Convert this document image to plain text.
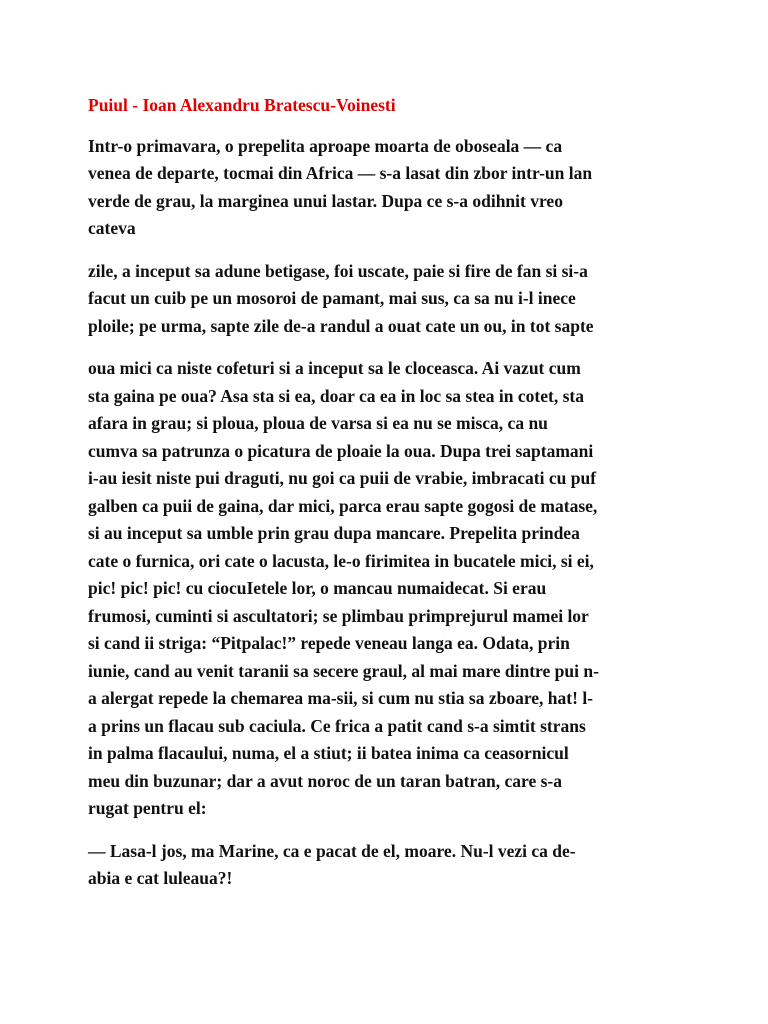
Puiul - Ioan Alexandru Bratescu-Voinesti
Intr-o primavara, o prepelita aproape moarta de oboseala — ca
venea de departe, tocmai din Africa — s-a lasat din zbor intr-un lan
verde de grau, la marginea unui lastar. Dupa ce s-a odihnit vreo
cateva
zile, a inceput sa adune betigase, foi uscate, paie si fire de fan si si-a
facut un cuib pe un mosoroi de pamant, mai sus, ca sa nu i-l inece
ploile; pe urma, sapte zile de-a randul a ouat cate un ou, in tot sapte
oua mici ca niste cofeturi si a inceput sa le cloceasca. Ai vazut cum
sta gaina pe oua? Asa sta si ea, doar ca ea in loc sa stea in cotet, sta
afara in grau; si ploua, ploua de varsa si ea nu se misca, ca nu
cumva sa patrunza o picatura de ploaie la oua. Dupa trei saptamani
i-au iesit niste pui draguti, nu goi ca puii de vrabie, imbracati cu puf
galben ca puii de gaina, dar mici, parca erau sapte gogosi de matase,
si au inceput sa umble prin grau dupa mancare. Prepelita prindea
cate o furnica, ori cate o lacusta, le-o firimitea in bucatele mici, si ei,
pic! pic! pic! cu ciocuIetele lor, o mancau numaidecat. Si erau
frumosi, cuminti si ascultatori; se plimbau primprejurul mamei lor
si cand ii striga: “Pitpalac!” repede veneau langa ea. Odata, prin
iunie, cand au venit taranii sa secere graul, al mai mare dintre pui n-
a alergat repede la chemarea ma-sii, si cum nu stia sa zboare, hat! l-
a prins un flacau sub caciula. Ce frica a patit cand s-a simtit strans
in palma flacaului, numa, el a stiut; ii batea inima ca ceasornicul
meu din buzunar; dar a avut noroc de un taran batran, care s-a
rugat pentru el:
— Lasa-l jos, ma Marine, ca e pacat de el, moare. Nu-l vezi ca de-
abia e cat luleaua?!
